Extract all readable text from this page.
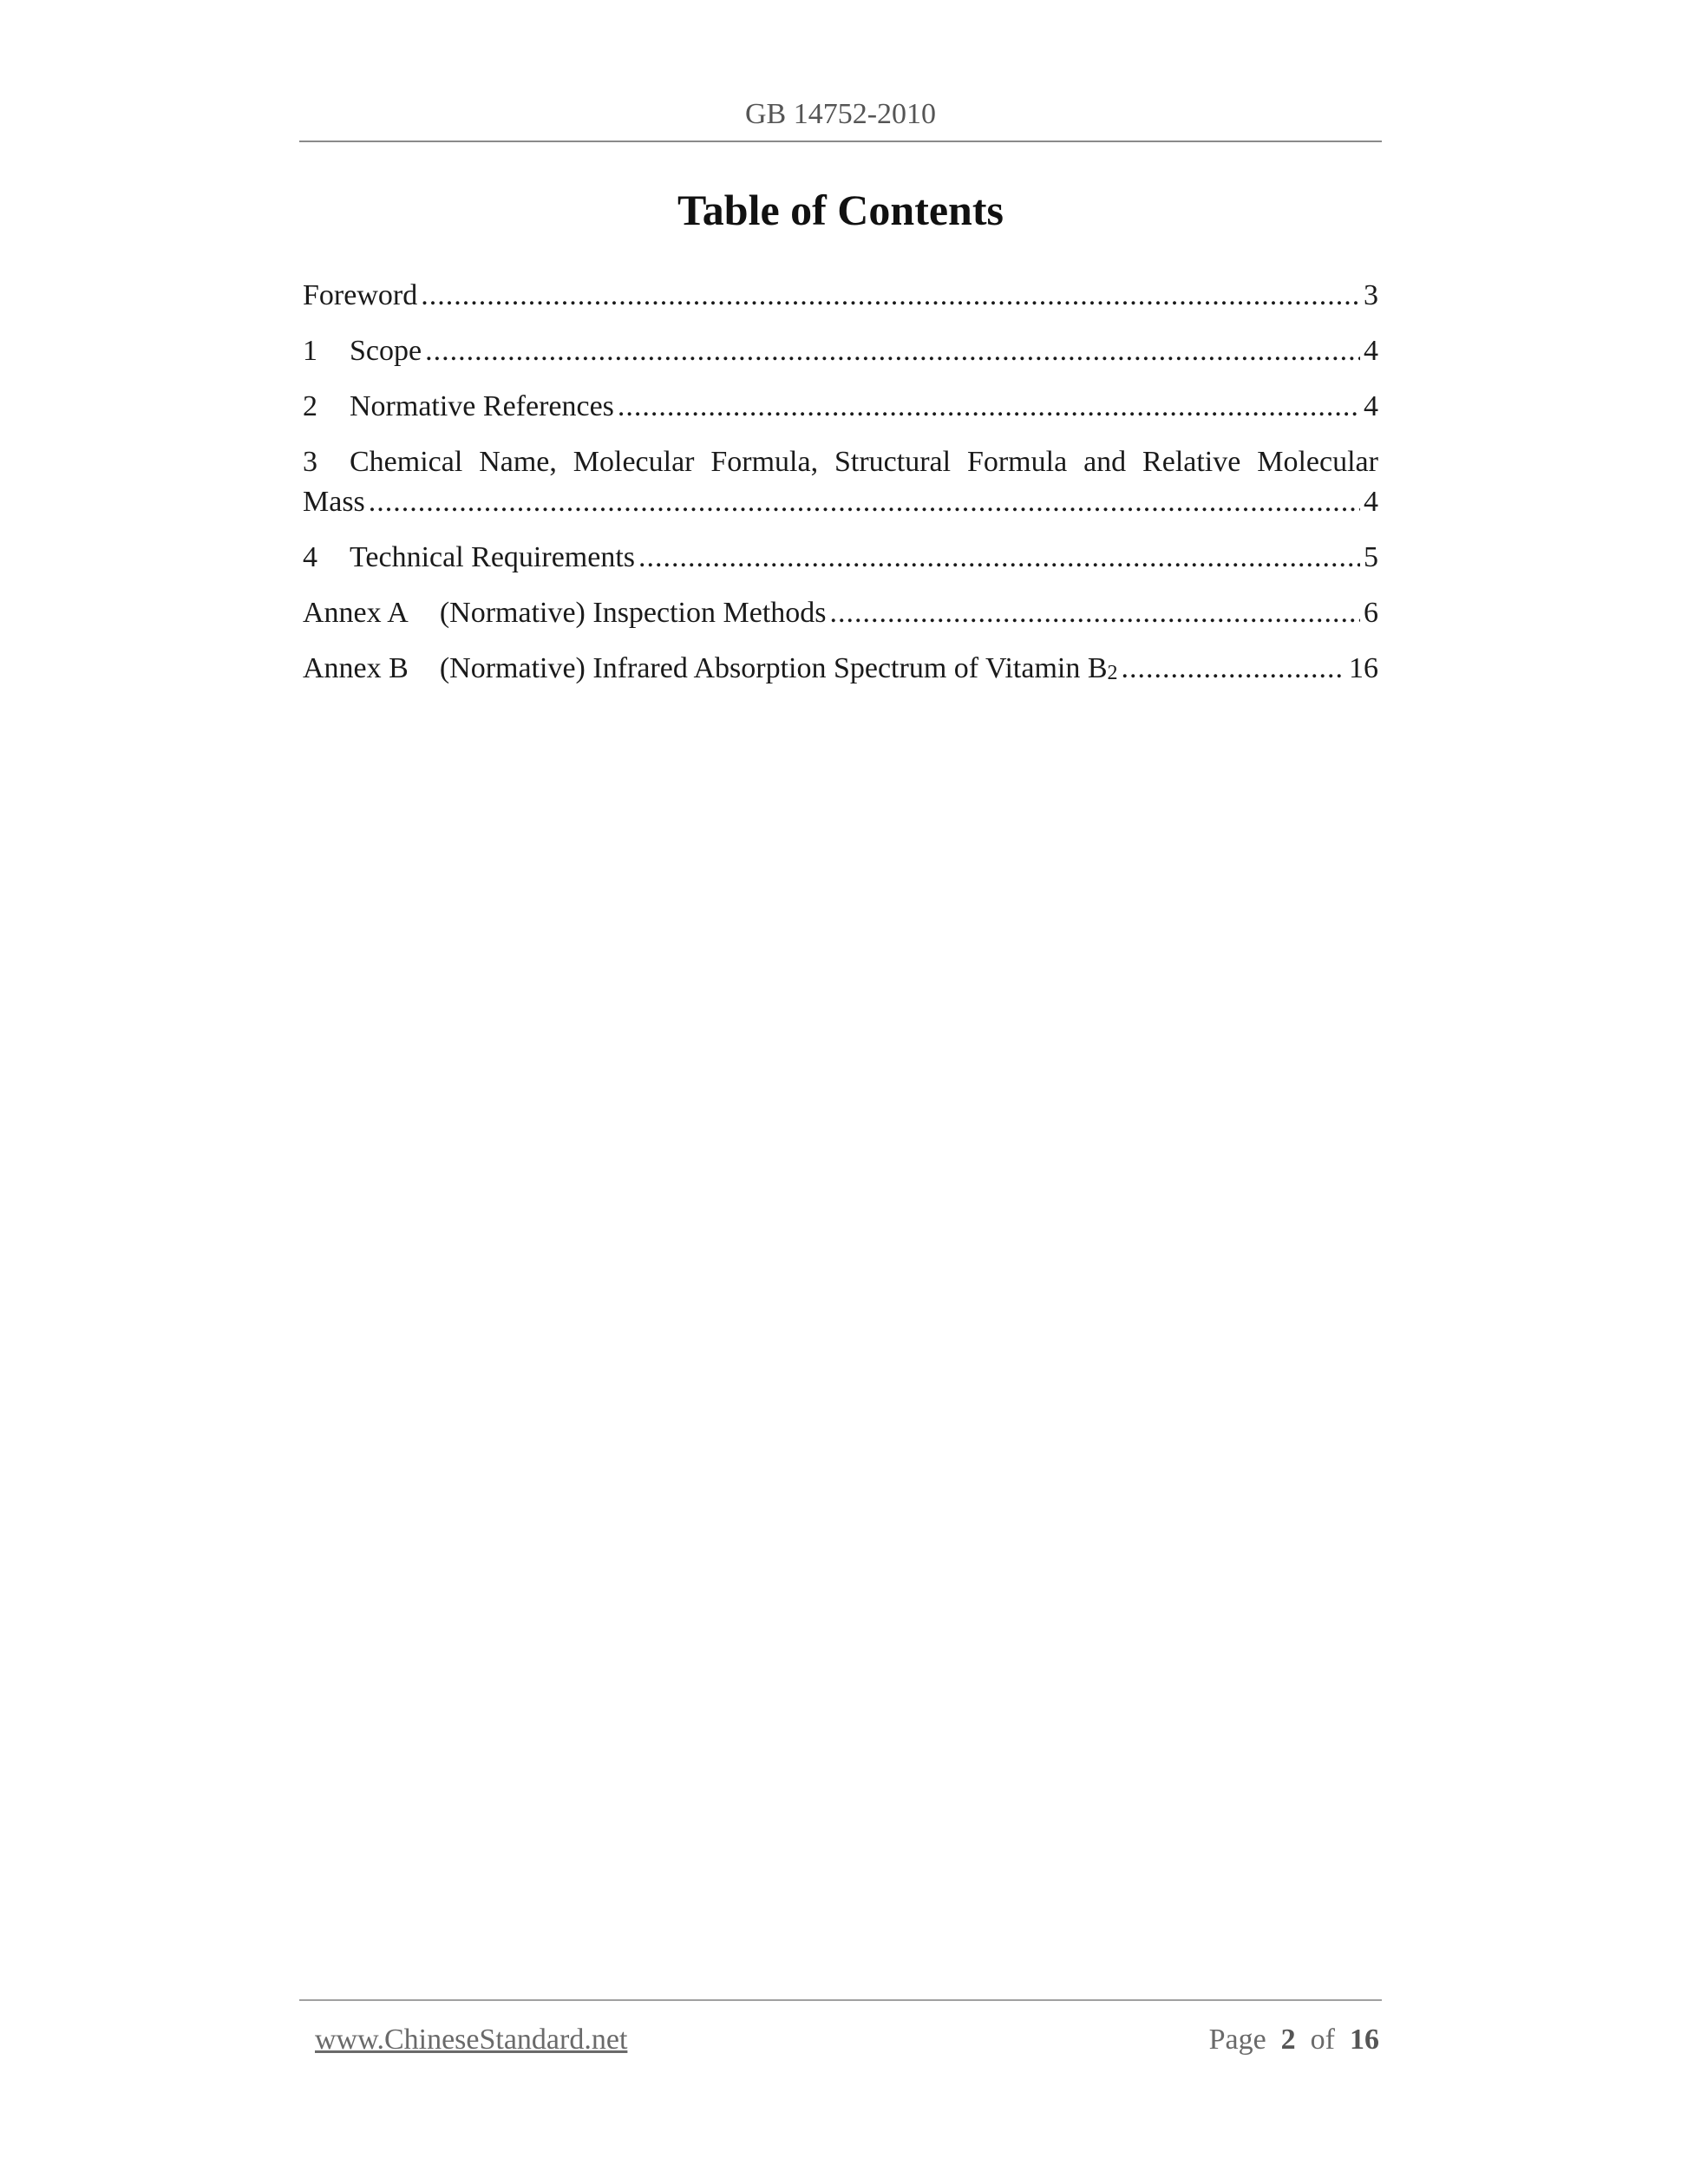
GB 14752-2010
Table of Contents
Foreword .....	3
1	Scope .....	4
2	Normative References .....	4
3 Chemical Name, Molecular Formula, Structural Formula and Relative Molecular
Mass .....	4
4	Technical Requirements .....	5
Annex A (Normative) Inspection Methods .....	6
Annex B (Normative) Infrared Absorption Spectrum of Vitamin $B_2$ .....	16
www.ChineseStandard.net	Page 2 of 16
